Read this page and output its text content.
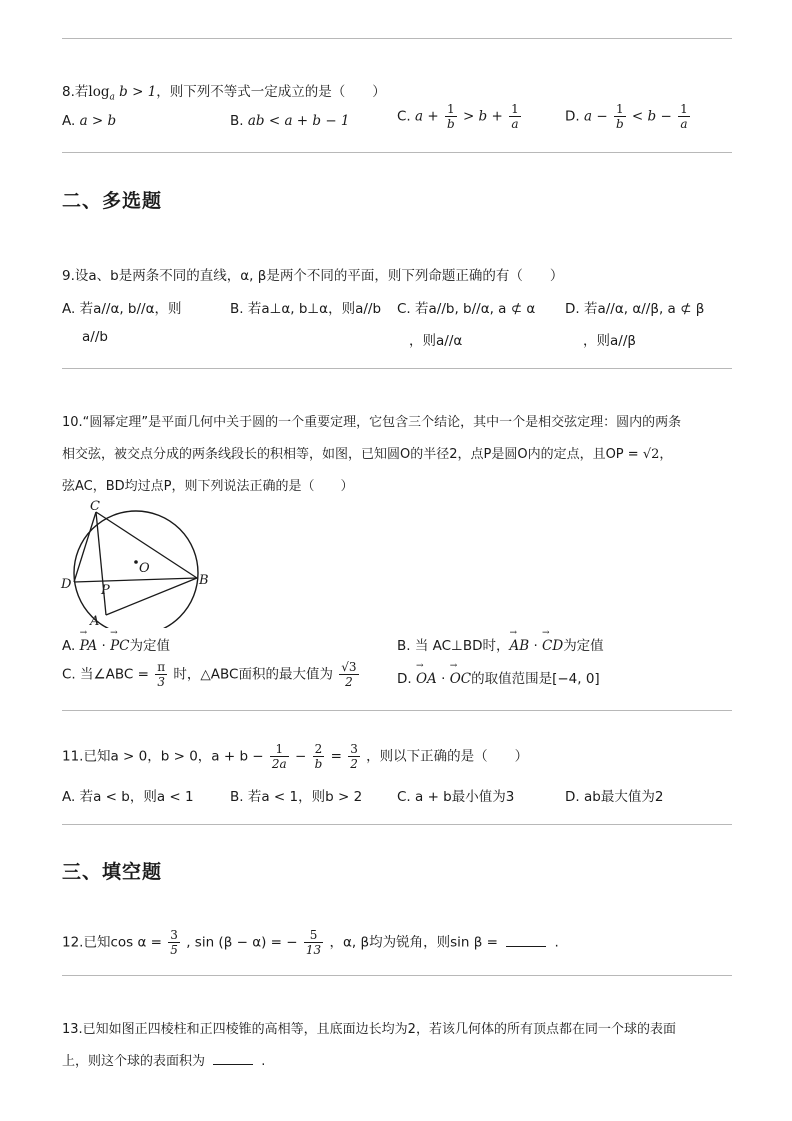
8.若$\log_a b > 1$，则下列不等式一定成立的是（　　）
A. a > b	B. ab < a + b − 1	C. $a + \frac{1}{b} > b + \frac{1}{a}$	D. $a - \frac{1}{b} < b - \frac{1}{a}$
二、多选题
9.设a、b是两条不同的直线，α, β是两个不同的平面，则下列命题正确的有（　　）
A. 若a//α, b//α，则
a//b
B. 若a⊥α, b⊥α，则a//b C. 若a//b, b//α, a ⊄ α
，则a//α
D. 若a//α, α//β, a ⊄ β
，则a//β
10.“圆幂定理”是平面几何中关于圆的一个重要定理，它包含三个结论，其中一个是相交弦定理：圆内的两条
相交弦，被交点分成的两条线段长的积相等，如图，已知圆O的半径2，点P是圆O内的定点，且OP = √2，
弦AC，BD均过点P，则下列说法正确的是（　　）
C
D
O
P
A
B
A. → PA · → PC为定值	B. 当 AC⊥BD时，→ AB · → CD为定值
C. 当∠ABC = $\frac{\pi}{3}$ 时，△ABC面积的最大值为 $\frac{√3}{2}$	D. → OA · → OC的取值范围是[−4, 0]
11.已知a > 0，b > 0，$a + b - \frac{1}{2a} - \frac{2}{b} = \frac{3}{2}$ ，则以下正确的是（　　）
A. 若a < b，则a < 1	B. 若a < 1，则b > 2	C. a + b最小值为3	D. ab最大值为2
三、填空题
12.已知$\cos \alpha = \frac{3}{5}$ , sin (β − α) = − $\frac{5}{13}$ ，α, β均为锐角，则sin β =	.
13.已知如图正四棱柱和正四棱锥的高相等，且底面边长均为2，若该几何体的所有顶点都在同一个球的表面
上，则这个球的表面积为	.
